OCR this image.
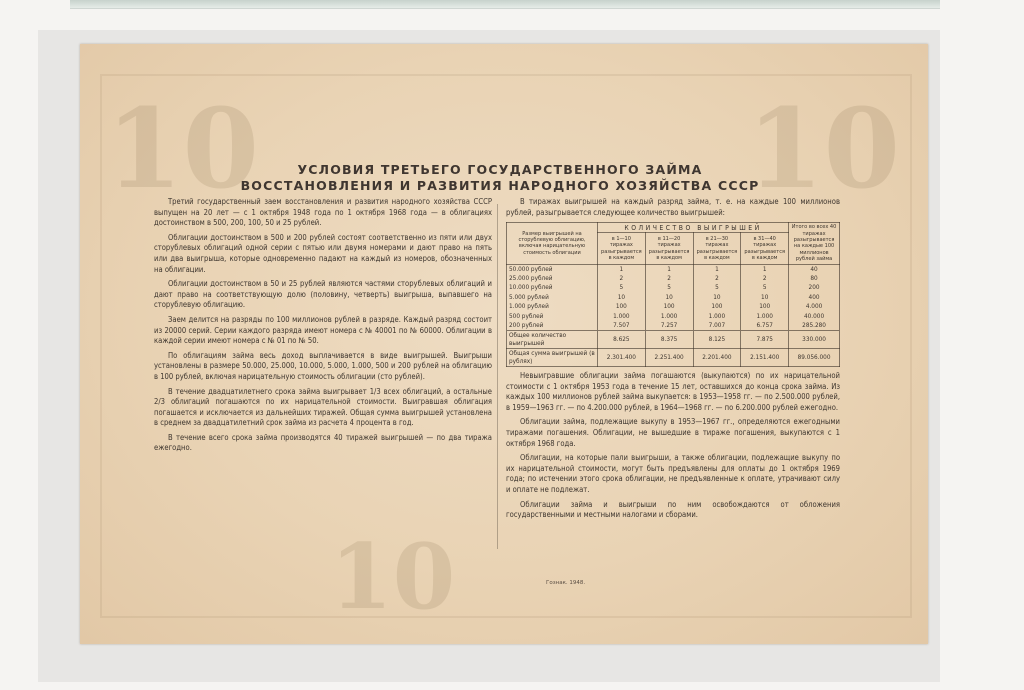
10	10
10
УСЛОВИЯ ТРЕТЬЕГО ГОСУДАРСТВЕННОГО ЗАЙМА
ВОССТАНОВЛЕНИЯ И РАЗВИТИЯ НАРОДНОГО ХОЗЯЙСТВА СССР

Третий государственный заем восстановления и развития народного хозяйства СССР выпущен на 20 лет — с 1 октября 1948 года по 1 октября 1968 года — в облигациях достоинством в 500, 200, 100, 50 и 25 рублей.

Облигации достоинством в 500 и 200 рублей состоят соответственно из пяти или двух сторублевых облигаций одной серии с пятью или двумя номерами и дают право на пять или два выигрыша, которые одновременно падают на каждый из номеров, обозначенных на облигации.

Облигации достоинством в 50 и 25 рублей являются частями сторублевых облигаций и дают право на соответствующую долю (половину, четверть) выигрыша, выпавшего на сторублевую облигацию.

Заем делится на разряды по 100 миллионов рублей в разряде. Каждый разряд состоит из 20000 серий. Серии каждого разряда имеют номера с № 40001 по № 60000. Облигации в каждой серии имеют номера с № 01 по № 50.

По облигациям займа весь доход выплачивается в виде выигрышей. Выигрыши установлены в размере 50.000, 25.000, 10.000, 5.000, 1.000, 500 и 200 рублей на облигацию в 100 рублей, включая нарицательную стоимость облигации (сто рублей).

В течение двадцатилетнего срока займа выигрывает 1/3 всех облигаций, а остальные 2/3 облигаций погашаются по их нарицательной стоимости. Выигравшая облигация погашается и исключается из дальнейших тиражей. Общая сумма выигрышей установлена в среднем за двадцатилетний срок займа из расчета 4 процента в год.

В течение всего срока займа производятся 40 тиражей выигрышей — по два тиража ежегодно.

В тиражах выигрышей на каждый разряд займа, т. е. на каждые 100 миллионов рублей, разыгрывается следующее количество выигрышей:

Размер выигрышей на сторублевую облигацию, включая нарицательную стоимость облигации	КОЛИЧЕСТВО ВЫИГРЫШЕЙ				Итого во всех 40 тиражах разыгрывается на каждые 100 миллионов рублей займа
	в 1—10 тиражах разыгрывается в каждом	в 11—20 тиражах разыгрывается в каждом	в 21—30 тиражах разыгрывается в каждом	в 31—40 тиражах разыгрывается в каждом	
50.000 рублей	1	1	1	1	40
25.000 рублей	2	2	2	2	80
10.000 рублей	5	5	5	5	200
5.000 рублей	10	10	10	10	400
1.000 рублей	100	100	100	100	4.000
500 рублей	1.000	1.000	1.000	1.000	40.000
200 рублей	7.507	7.257	7.007	6.757	285.280
Общее количество выигрышей	8.625	8.375	8.125	7.875	330.000
Общая сумма выигрышей (в рублях)	2.301.400	2.251.400	2.201.400	2.151.400	89.056.000

Невыигравшие облигации займа погашаются (выкупаются) по их нарицательной стоимости с 1 октября 1953 года в течение 15 лет, оставшихся до конца срока займа. Из каждых 100 миллионов рублей займа выкупается: в 1953—1958 гг. — по 2.500.000 рублей, в 1959—1963 гг. — по 4.200.000 рублей, в 1964—1968 гг. — по 6.200.000 рублей ежегодно.

Облигации займа, подлежащие выкупу в 1953—1967 гг., определяются ежегодными тиражами погашения. Облигации, не вышедшие в тираже погашения, выкупаются с 1 октября 1968 года.

Облигации, на которые пали выигрыши, а также облигации, подлежащие выкупу по их нарицательной стоимости, могут быть предъявлены для оплаты до 1 октября 1969 года; по истечении этого срока облигации, не предъявленные к оплате, утрачивают силу и оплате не подлежат.

Облигации займа и выигрыши по ним освобождаются от обложения государственными и местными налогами и сборами.

Гознак. 1948.
